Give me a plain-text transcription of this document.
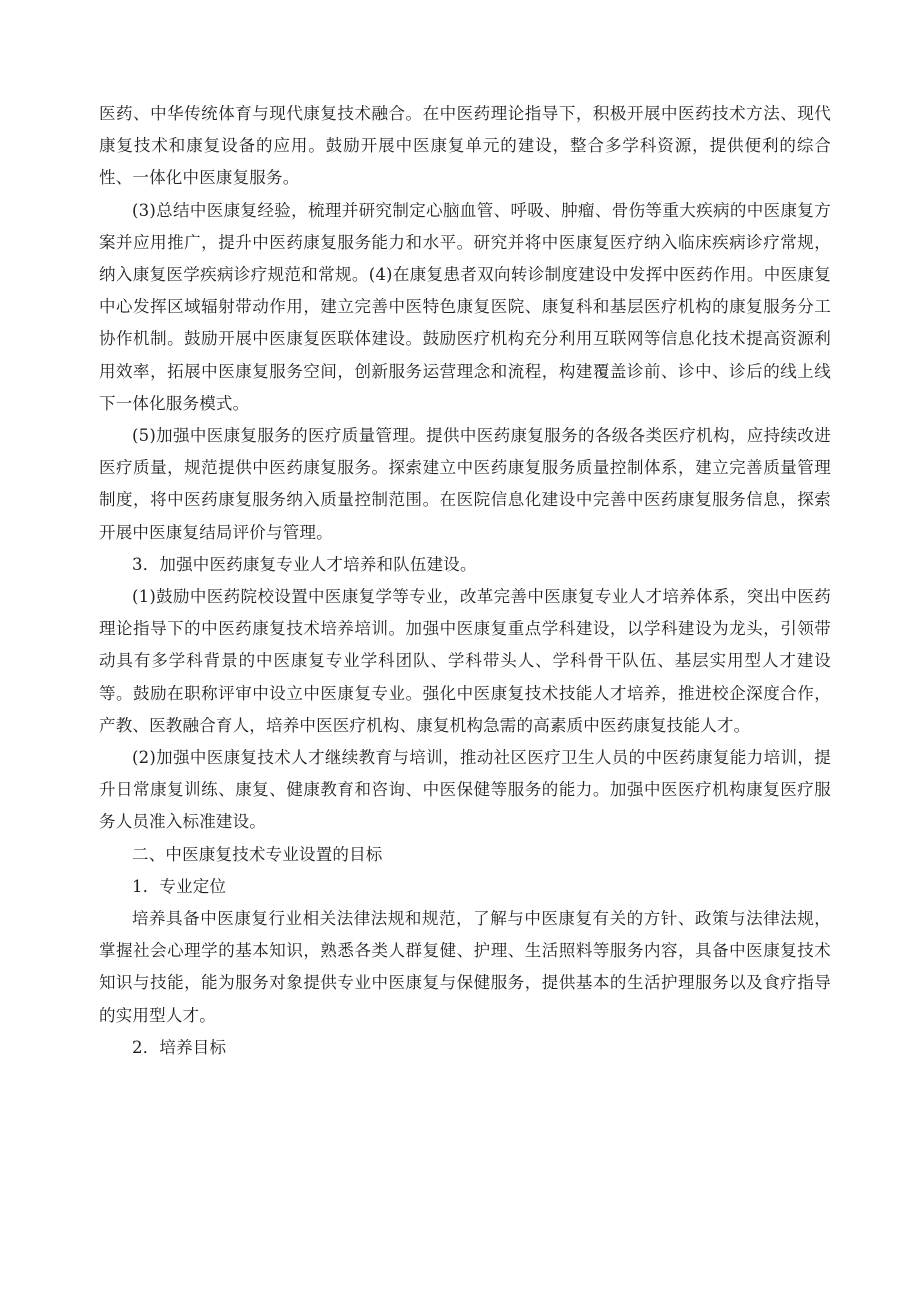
医药、中华传统体育与现代康复技术融合。在中医药理论指导下，积极开展中医药技术方法、现代康复技术和康复设备的应用。鼓励开展中医康复单元的建设，整合多学科资源，提供便利的综合性、一体化中医康复服务。

(3)总结中医康复经验，梳理并研究制定心脑血管、呼吸、肿瘤、骨伤等重大疾病的中医康复方案并应用推广，提升中医药康复服务能力和水平。研究并将中医康复医疗纳入临床疾病诊疗常规，纳入康复医学疾病诊疗规范和常规。(4)在康复患者双向转诊制度建设中发挥中医药作用。中医康复中心发挥区域辐射带动作用，建立完善中医特色康复医院、康复科和基层医疗机构的康复服务分工协作机制。鼓励开展中医康复医联体建设。鼓励医疗机构充分利用互联网等信息化技术提高资源利用效率，拓展中医康复服务空间，创新服务运营理念和流程，构建覆盖诊前、诊中、诊后的线上线下一体化服务模式。

(5)加强中医康复服务的医疗质量管理。提供中医药康复服务的各级各类医疗机构，应持续改进医疗质量，规范提供中医药康复服务。探索建立中医药康复服务质量控制体系，建立完善质量管理制度，将中医药康复服务纳入质量控制范围。在医院信息化建设中完善中医药康复服务信息，探索开展中医康复结局评价与管理。

3．加强中医药康复专业人才培养和队伍建设。

(1)鼓励中医药院校设置中医康复学等专业，改革完善中医康复专业人才培养体系，突出中医药理论指导下的中医药康复技术培养培训。加强中医康复重点学科建设，以学科建设为龙头，引领带动具有多学科背景的中医康复专业学科团队、学科带头人、学科骨干队伍、基层实用型人才建设等。鼓励在职称评审中设立中医康复专业。强化中医康复技术技能人才培养，推进校企深度合作，产教、医教融合育人，培养中医医疗机构、康复机构急需的高素质中医药康复技能人才。

(2)加强中医康复技术人才继续教育与培训，推动社区医疗卫生人员的中医药康复能力培训，提升日常康复训练、康复、健康教育和咨询、中医保健等服务的能力。加强中医医疗机构康复医疗服务人员准入标准建设。

二、中医康复技术专业设置的目标

1．专业定位

培养具备中医康复行业相关法律法规和规范，了解与中医康复有关的方针、政策与法律法规，掌握社会心理学的基本知识，熟悉各类人群复健、护理、生活照料等服务内容，具备中医康复技术知识与技能，能为服务对象提供专业中医康复与保健服务，提供基本的生活护理服务以及食疗指导的实用型人才。

2．培养目标
